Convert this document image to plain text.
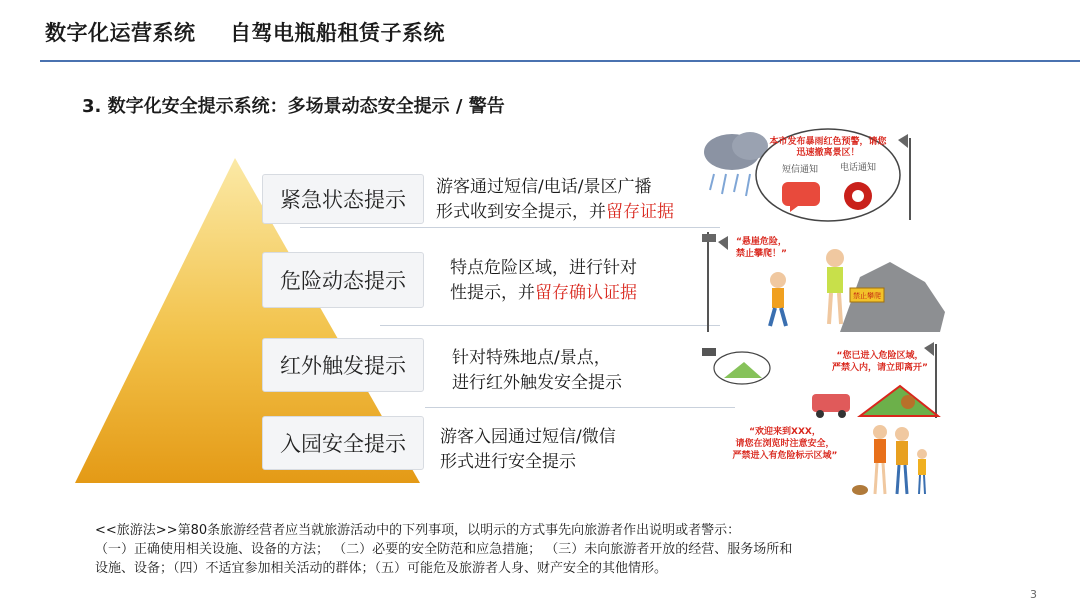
数字化运营系统 自驾电瓶船租赁子系统
3. 数字化安全提示系统：多场景动态安全提示 / 警告
紧急状态提示
危险动态提示
红外触发提示
入园安全提示
游客通过短信/电话/景区广播
形式收到安全提示，并留存证据
特点危险区域，进行针对
性提示，并留存确认证据
针对特殊地点/景点，
进行红外触发安全提示
游客入园通过短信/微信
形式进行安全提示
本市发布暴雨红色预警，请您
迅速撤离景区！
短信通知 电话通知
“悬崖危险，
禁止攀爬！”
禁止攀爬
“您已进入危险区域，
严禁入内，请立即离开”
“欢迎来到XXX，
请您在浏览时注意安全，
严禁进入有危险标示区域”
<<旅游法>>第80条旅游经营者应当就旅游活动中的下列事项，以明示的方式事先向旅游者作出说明或者警示：
（一）正确使用相关设施、设备的方法； （二）必要的安全防范和应急措施； （三）未向旅游者开放的经营、服务场所和
设施、设备；（四）不适宜参加相关活动的群体；（五）可能危及旅游者人身、财产安全的其他情形。
3
